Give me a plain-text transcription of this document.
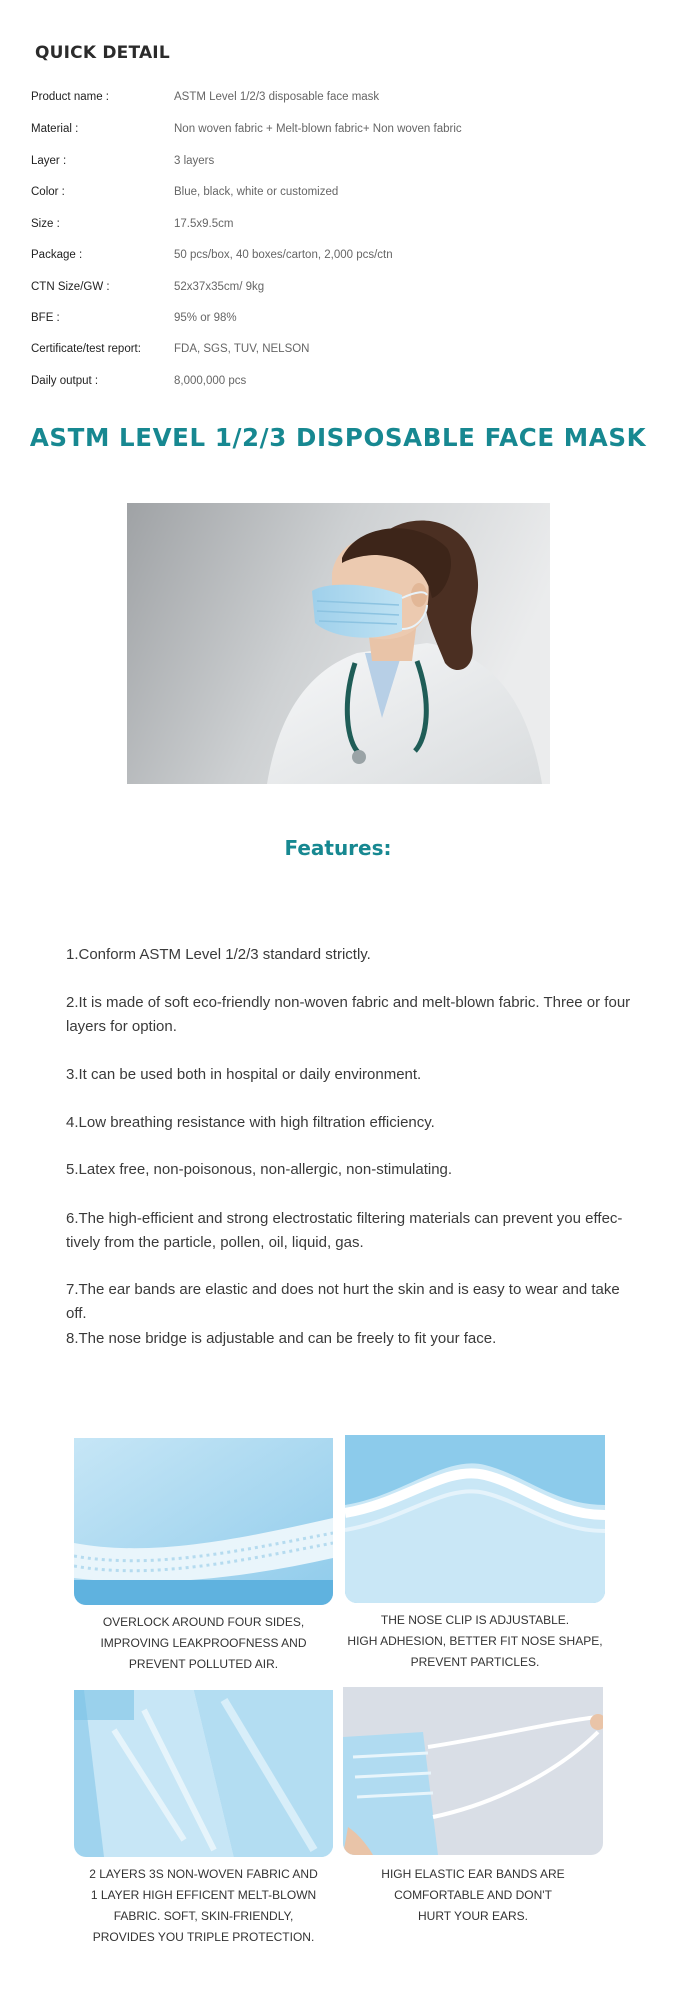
QUICK DETAIL
Product name :	ASTM Level 1/2/3 disposable face mask
Material :	Non woven fabric + Melt-blown fabric+ Non woven fabric
Layer :	3 layers
Color :	Blue, black, white or customized
Size :	17.5x9.5cm
Package :	50 pcs/box, 40 boxes/carton, 2,000 pcs/ctn
CTN Size/GW :	52x37x35cm/ 9kg
BFE :	95% or 98%
Certificate/test report:	FDA, SGS, TUV, NELSON
Daily output :	8,000,000 pcs
ASTM LEVEL 1/2/3 DISPOSABLE FACE MASK
Features:
1.Conform ASTM Level 1/2/3 standard strictly.
2.It is made of soft eco-friendly non-woven fabric and melt-blown fabric. Three or four layers for option.
3.It can be used both in hospital or daily environment.
4.Low breathing resistance with high filtration efficiency.
5.Latex free, non-poisonous, non-allergic, non-stimulating.
6.The high-efficient and strong electrostatic filtering materials can prevent you effec-tively from the particle, pollen, oil, liquid, gas.
7.The ear bands are elastic and does not hurt the skin and is easy to wear and take off.
8.The nose bridge is adjustable and can be freely to fit your face.
OVERLOCK AROUND FOUR SIDES,
IMPROVING LEAKPROOFNESS AND
PREVENT POLLUTED AIR.
THE NOSE CLIP IS ADJUSTABLE.
HIGH ADHESION, BETTER FIT NOSE SHAPE,
PREVENT PARTICLES.
2 LAYERS 3S NON-WOVEN FABRIC AND
1 LAYER HIGH EFFICENT MELT-BLOWN
FABRIC. SOFT, SKIN-FRIENDLY,
PROVIDES YOU TRIPLE PROTECTION.
HIGH ELASTIC EAR BANDS ARE
COMFORTABLE AND DON'T
HURT YOUR EARS.
